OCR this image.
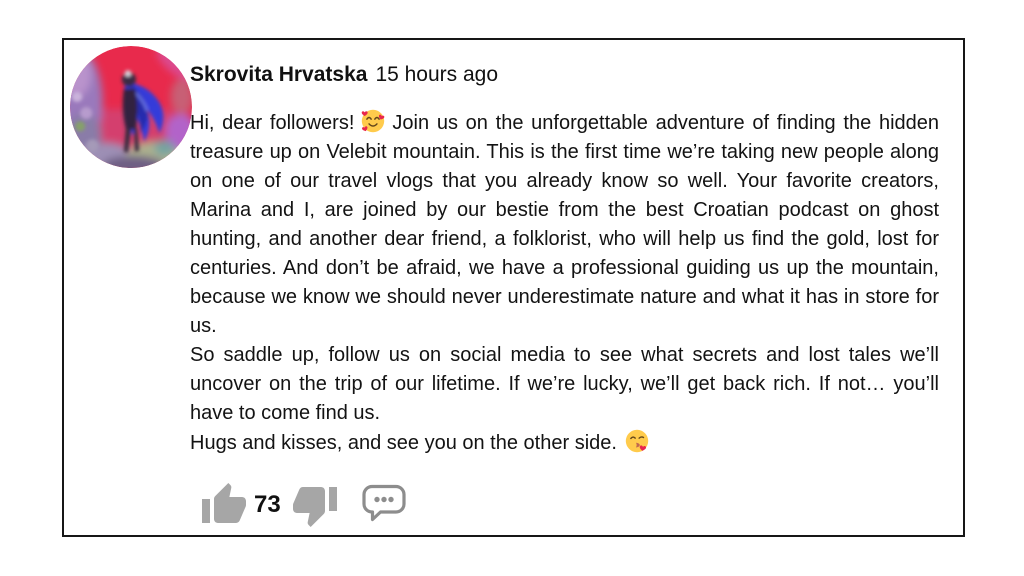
Skrovita Hrvatska 15 hours ago

Hi, dear followers! Join us on the unforgettable adventure of finding the hidden treasure up on Velebit mountain. This is the first time we’re taking new people along on one of our travel vlogs that you already know so well. Your favorite creators, Marina and I, are joined by our bestie from the best Croatian podcast on ghost hunting, and another dear friend, a folklorist, who will help us find the gold, lost for centuries. And don’t be afraid, we have a professional guiding us up the mountain, because we know we should never underestimate nature and what it has in store for us.

So saddle up, follow us on social media to see what secrets and lost tales we’ll uncover on the trip of our lifetime. If we’re lucky, we’ll get back rich. If not… you’ll have to come find us.

Hugs and kisses, and see you on the other side.

73
